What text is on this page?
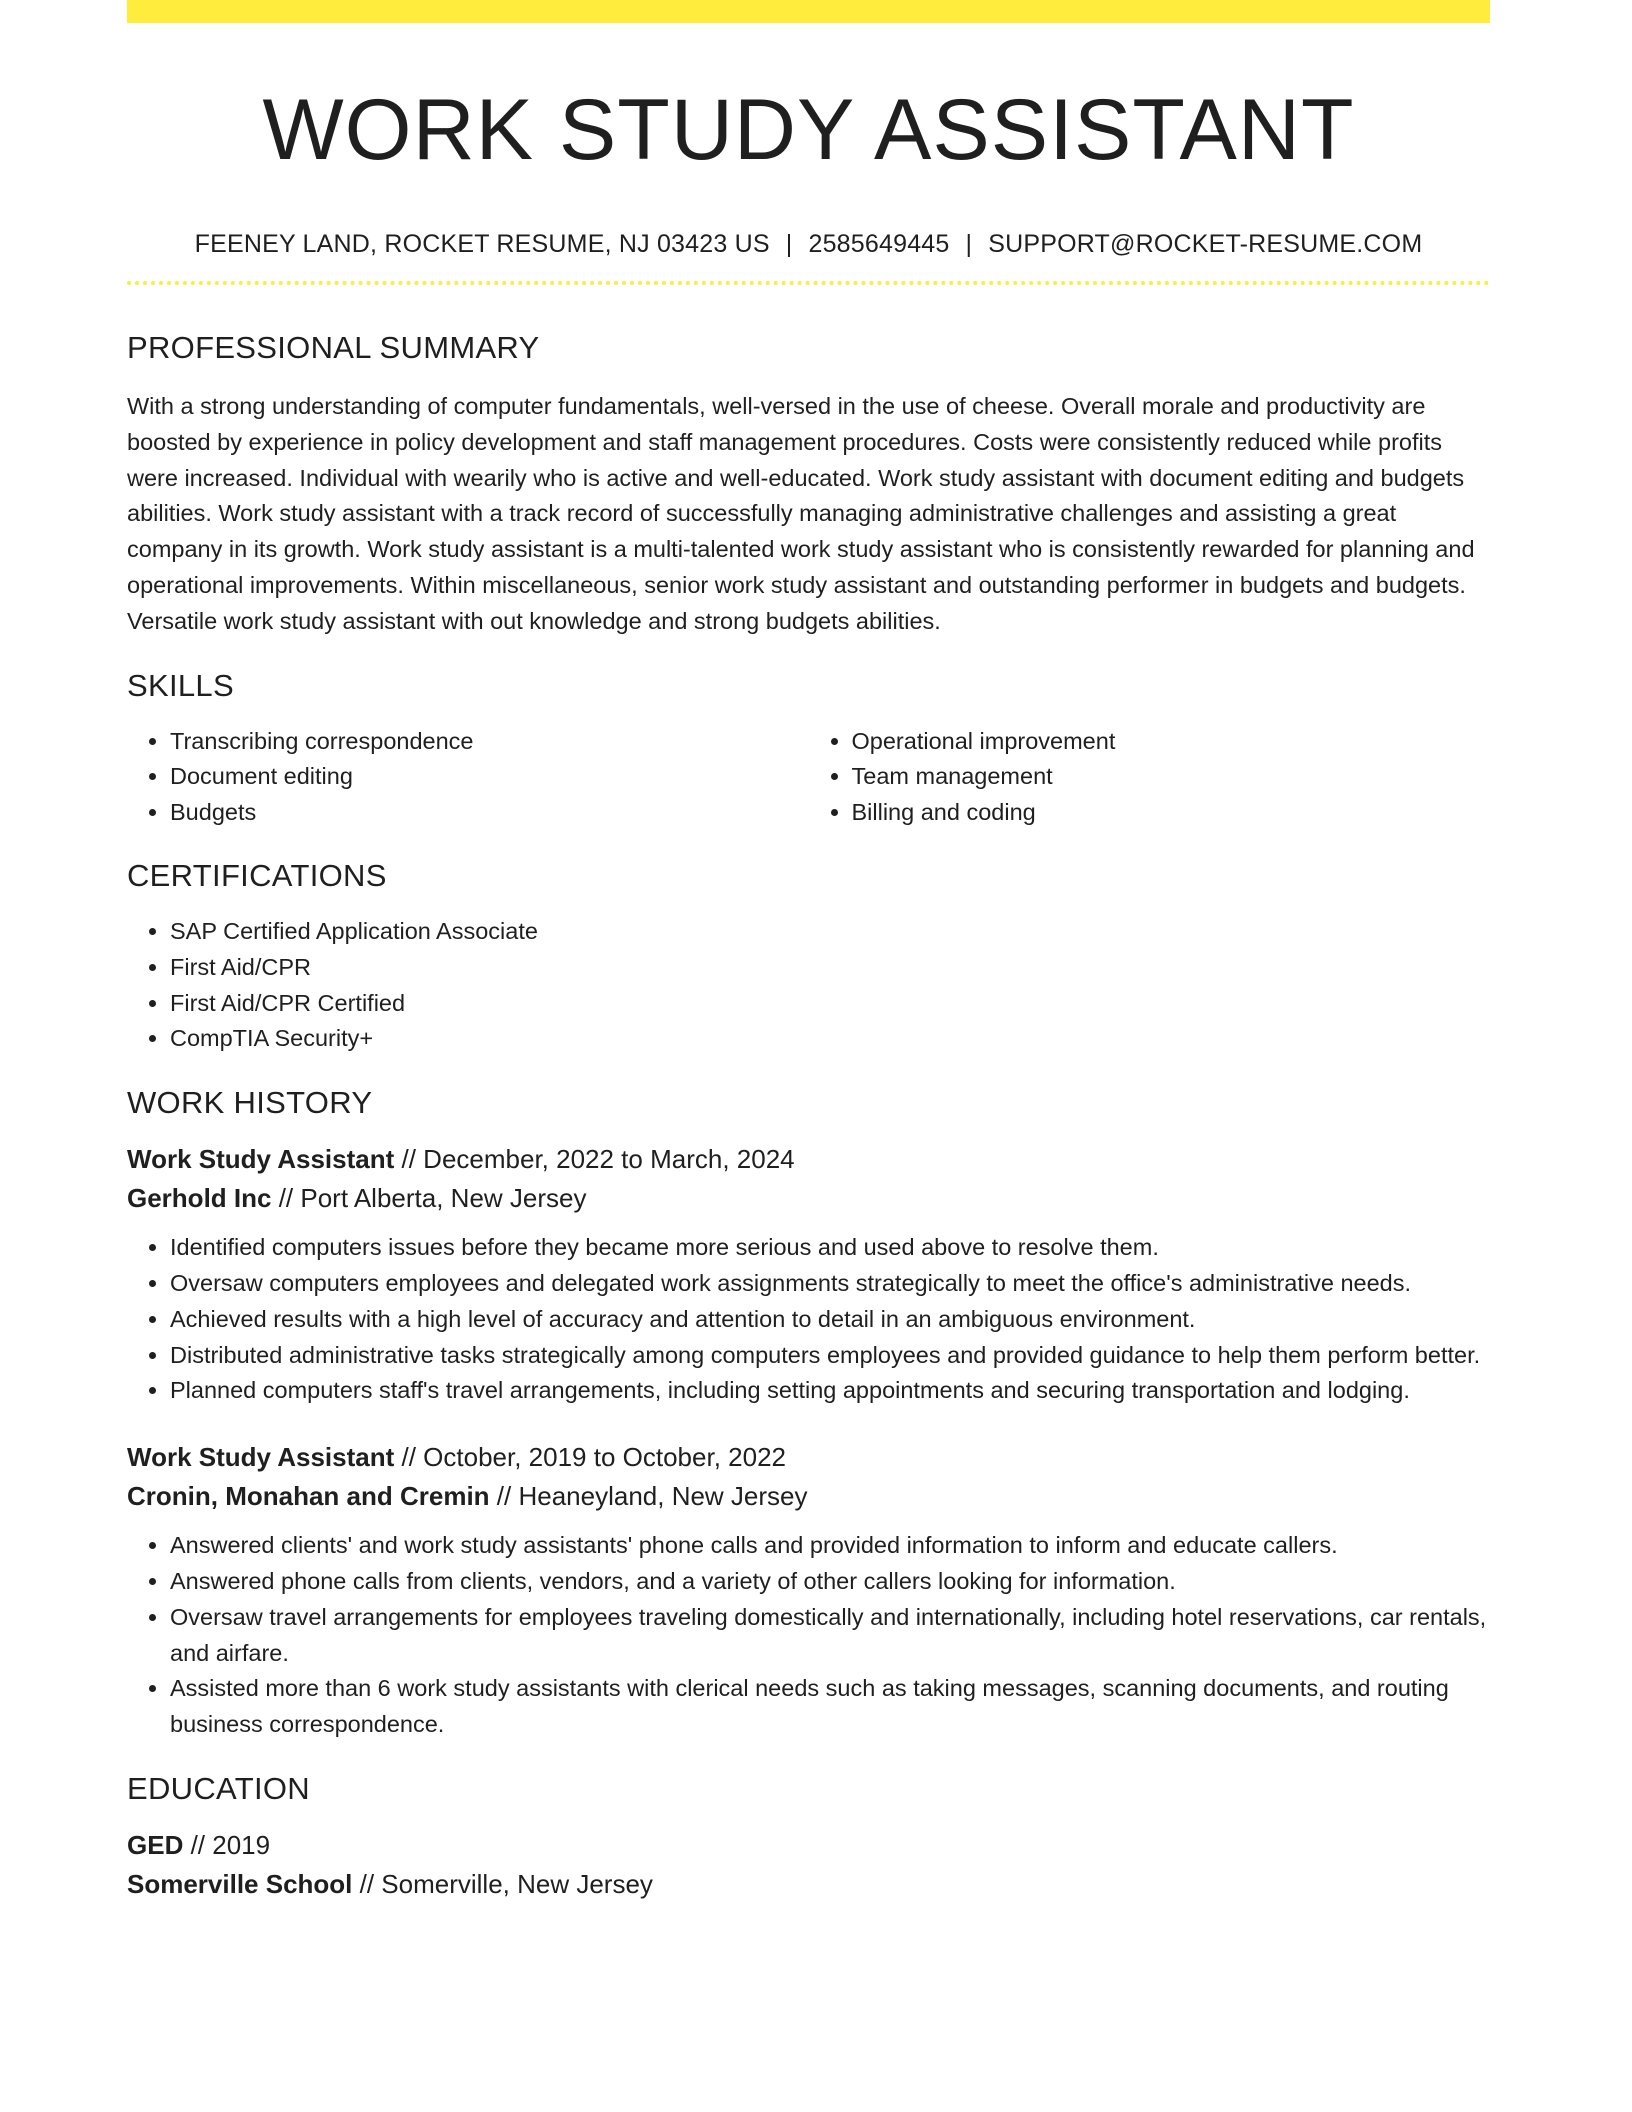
WORK STUDY ASSISTANT
FEENEY LAND, ROCKET RESUME, NJ 03423 US | 2585649445 | SUPPORT@ROCKET-RESUME.COM
PROFESSIONAL SUMMARY

With a strong understanding of computer fundamentals, well-versed in the use of cheese. Overall morale and productivity are boosted by experience in policy development and staff management procedures. Costs were consistently reduced while profits were increased. Individual with wearily who is active and well-educated. Work study assistant with document editing and budgets abilities. Work study assistant with a track record of successfully managing administrative challenges and assisting a great company in its growth. Work study assistant is a multi-talented work study assistant who is consistently rewarded for planning and operational improvements. Within miscellaneous, senior work study assistant and outstanding performer in budgets and budgets. Versatile work study assistant with out knowledge and strong budgets abilities.

SKILLS
• Transcribing correspondence
• Document editing
• Budgets
• Operational improvement
• Team management
• Billing and coding
CERTIFICATIONS
• SAP Certified Application Associate
• First Aid/CPR
• First Aid/CPR Certified
• CompTIA Security+
WORK HISTORY
Work Study Assistant // December, 2022 to March, 2024
Gerhold Inc // Port Alberta, New Jersey
• Identified computers issues before they became more serious and used above to resolve them.
• Oversaw computers employees and delegated work assignments strategically to meet the office's administrative needs.
• Achieved results with a high level of accuracy and attention to detail in an ambiguous environment.
• Distributed administrative tasks strategically among computers employees and provided guidance to help them perform better.
• Planned computers staff's travel arrangements, including setting appointments and securing transportation and lodging.
Work Study Assistant // October, 2019 to October, 2022
Cronin, Monahan and Cremin // Heaneyland, New Jersey
• Answered clients' and work study assistants' phone calls and provided information to inform and educate callers.
• Answered phone calls from clients, vendors, and a variety of other callers looking for information.
• Oversaw travel arrangements for employees traveling domestically and internationally, including hotel reservations, car rentals, and airfare.
• Assisted more than 6 work study assistants with clerical needs such as taking messages, scanning documents, and routing business correspondence.
EDUCATION
GED // 2019
Somerville School // Somerville, New Jersey
